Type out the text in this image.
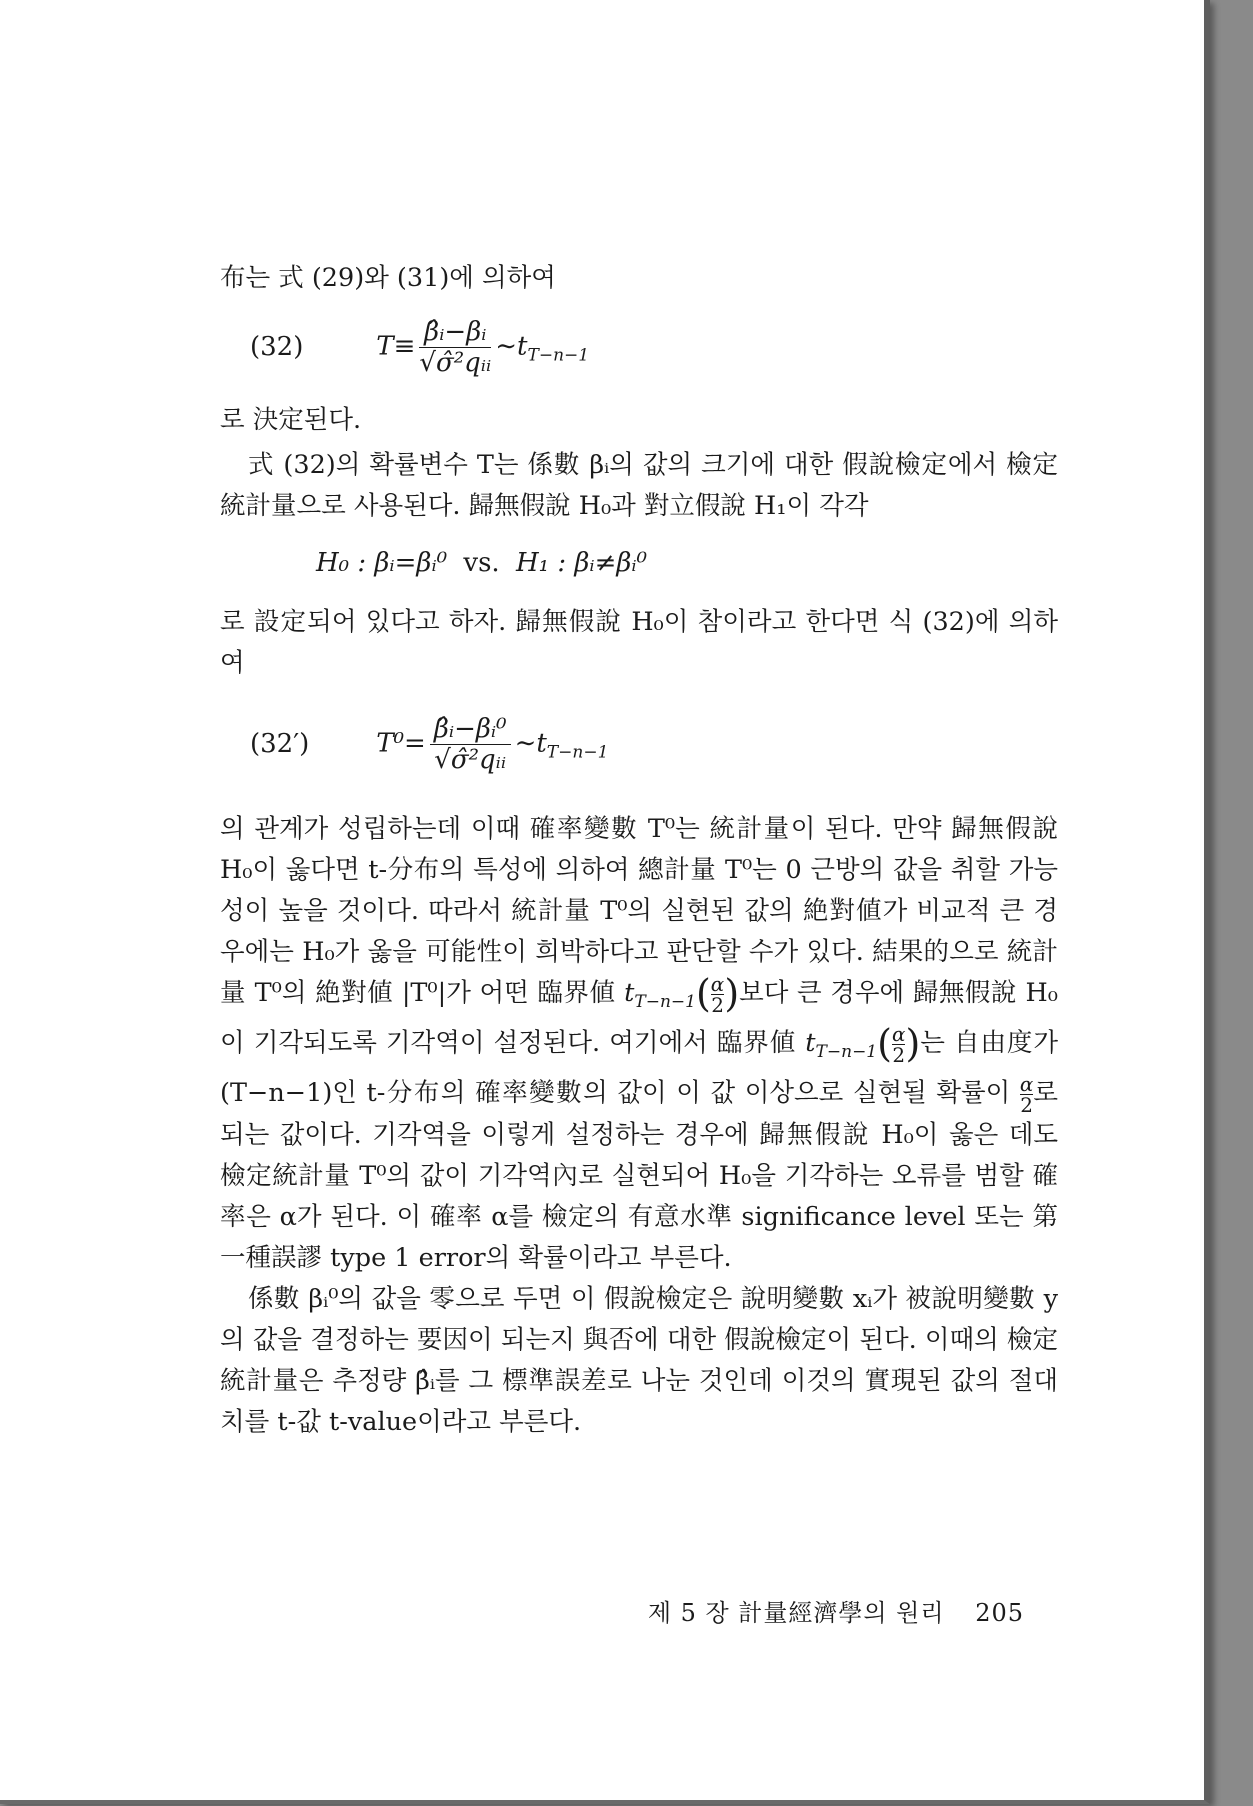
布는 式 (29)와 (31)에 의하여

(32)	$T\equiv \frac{\text{β̂ᵢ−βᵢ}}{\text{√σ̂²qᵢᵢ}}$ $\sim t_{T-n-1}$

로 決定된다.

式 (32)의 확률변수 T는 係數 βᵢ의 값의 크기에 대한 假說檢定에서 檢定統計量으로 사용된다. 歸無假說 H₀과 對立假說 H₁이 각각

H₀ : βᵢ=βᵢ⁰ vs. H₁ : βᵢ≠βᵢ⁰

로 設定되어 있다고 하자. 歸無假說 H₀이 참이라고 한다면 식 (32)에 의하여

(32′)	$T^0= \frac{\text{β̂ᵢ−βᵢ⁰}}{\text{√σ̂²qᵢᵢ}}$ $\sim t_{T-n-1}$

의 관계가 성립하는데 이때 確率變數 T⁰는 統計量이 된다. 만약 歸無假說 H₀이 옳다면 t-分布의 특성에 의하여 總計量 T⁰는 0 근방의 값을 취할 가능성이 높을 것이다. 따라서 統計量 T⁰의 실현된 값의 絶對値가 비교적 큰 경우에는 H₀가 옳을 可能性이 희박하다고 판단할 수가 있다. 結果的으로 統計量 T⁰의 絶對値 |T⁰|가 어떤 臨界値 $t_{T-n-1}( \frac{\alpha}{2})$보다 큰 경우에 歸無假說 H₀이 기각되도록 기각역이 설정된다. 여기에서 臨界値 $t_{T-n-1}( \frac{\alpha}{2})$는 自由度가 (T−n−1)인 t-分布의 確率變數의 값이 이 값 이상으로 실현될 확률이 $\frac{\alpha}{2}$로 되는 값이다. 기각역을 이렇게 설정하는 경우에 歸無假說 H₀이 옳은 데도 檢定統計量 T⁰의 값이 기각역內로 실현되어 H₀을 기각하는 오류를 범할 確率은 α가 된다. 이 確率 α를 檢定의 有意水準 significance level 또는 第一種誤謬 type 1 error의 확률이라고 부른다.

係數 βᵢ⁰의 값을 零으로 두면 이 假說檢定은 說明變數 xᵢ가 被說明變數 y의 값을 결정하는 要因이 되는지 與否에 대한 假說檢定이 된다. 이때의 檢定統計量은 추정량 β̂ᵢ를 그 標準誤差로 나눈 것인데 이것의 實現된 값의 절대치를 t-값 t-value이라고 부른다.

제 5 장 計量經濟學의 원리 205
